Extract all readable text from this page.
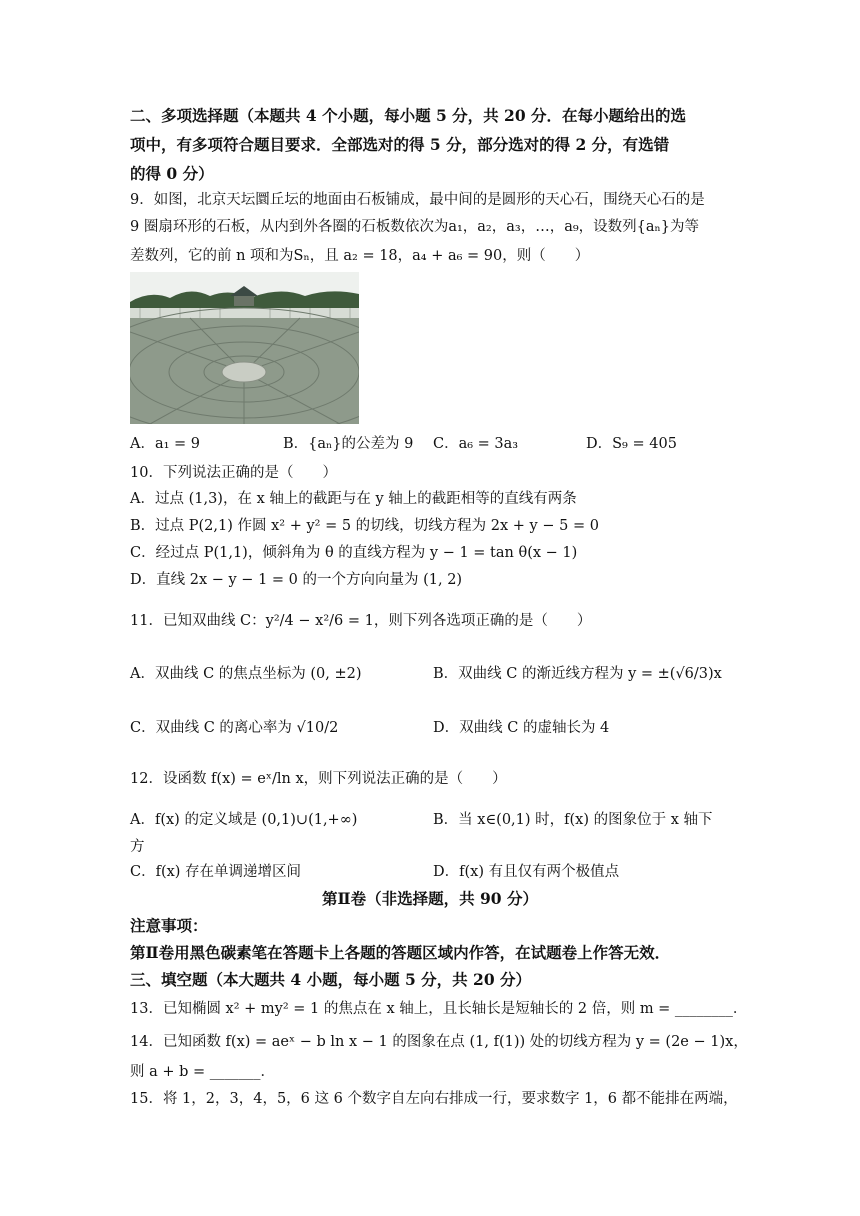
二、多项选择题（本题共 4 个小题，每小题 5 分，共 20 分．在每小题给出的选
项中，有多项符合题目要求．全部选对的得 5 分，部分选对的得 2 分，有选错
的得 0 分）
9．如图，北京天坛圜丘坛的地面由石板铺成，最中间的是圆形的天心石，围绕天心石的是
9 圈扇环形的石板，从内到外各圈的石板数依次为a₁，a₂，a₃，…，a₉，设数列{aₙ}为等
差数列，它的前 n 项和为Sₙ，且 a₂ = 18，a₄ + a₆ = 90，则（　　）
A．a₁ = 9	B．{aₙ}的公差为 9 C．a₆ = 3a₃	D．S₉ = 405
10．下列说法正确的是（　　）
A．过点 (1,3)，在 x 轴上的截距与在 y 轴上的截距相等的直线有两条
B．过点 P(2,1) 作圆 x² + y² = 5 的切线，切线方程为 2x + y − 5 = 0
C．经过点 P(1,1)，倾斜角为 θ 的直线方程为 y − 1 = tan θ(x − 1)
D．直线 2x − y − 1 = 0 的一个方向向量为 (1, 2)
11．已知双曲线 C：y²/4 − x²/6 = 1，则下列各选项正确的是（　　）
A．双曲线 C 的焦点坐标为 (0, ±2)	B．双曲线 C 的渐近线方程为 y = ±(√6/3)x
C．双曲线 C 的离心率为 √10/2	D．双曲线 C 的虚轴长为 4
12．设函数 f(x) = eˣ/ln x，则下列说法正确的是（　　）
A．f(x) 的定义域是 (0,1)∪(1,+∞)	B．当 x∈(0,1) 时，f(x) 的图象位于 x 轴下
方
C．f(x) 存在单调递增区间	D．f(x) 有且仅有两个极值点
第Ⅱ卷（非选择题，共 90 分）
注意事项：
第Ⅱ卷用黑色碳素笔在答题卡上各题的答题区域内作答，在试题卷上作答无效．
三、填空题（本大题共 4 小题，每小题 5 分，共 20 分）
13．已知椭圆 x² + my² = 1 的焦点在 x 轴上，且长轴长是短轴长的 2 倍，则 m = ________．
14．已知函数 f(x) = aeˣ − b ln x − 1 的图象在点 (1, f(1)) 处的切线方程为 y = (2e − 1)x，
则 a + b = _______．
15．将 1，2，3，4，5，6 这 6 个数字自左向右排成一行，要求数字 1，6 都不能排在两端，
